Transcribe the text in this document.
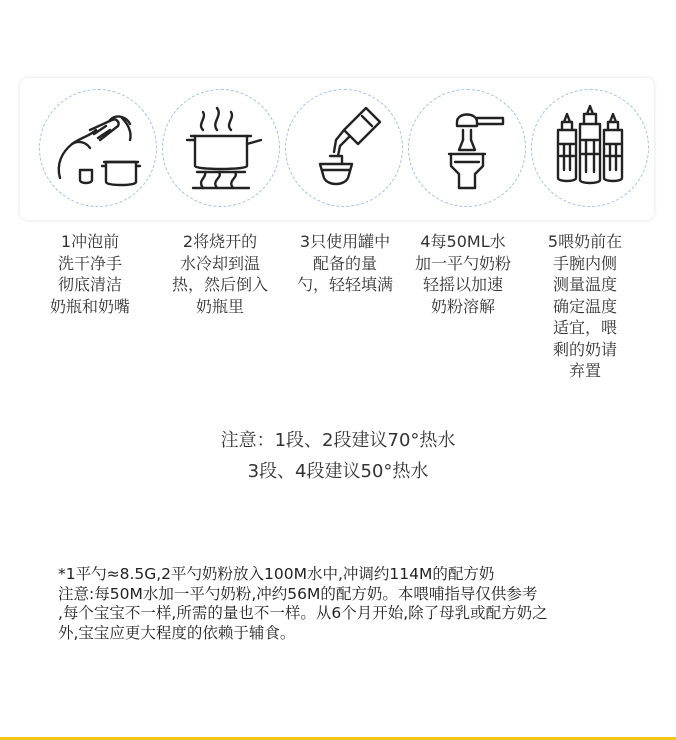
1冲泡前
洗干净手
彻底清洁
奶瓶和奶嘴
2将烧开的
水冷却到温
热，然后倒入
奶瓶里
3只使用罐中
配备的量
勺，轻轻填满
4每50ML水
加一平勺奶粉
轻摇以加速
奶粉溶解
5喂奶前在
手腕内侧
测量温度
确定温度
适宜，喂
剩的奶请
弃置
注意：1段、2段建议70°热水
3段、4段建议50°热水
*1平勺≈8.5G,2平勺奶粉放入100M水中,冲调约114M的配方奶
注意:每50M水加一平勺奶粉,冲约56M的配方奶。本喂哺指导仅供参考
,每个宝宝不一样,所需的量也不一样。从6个月开始,除了母乳或配方奶之
外,宝宝应更大程度的依赖于辅食。
